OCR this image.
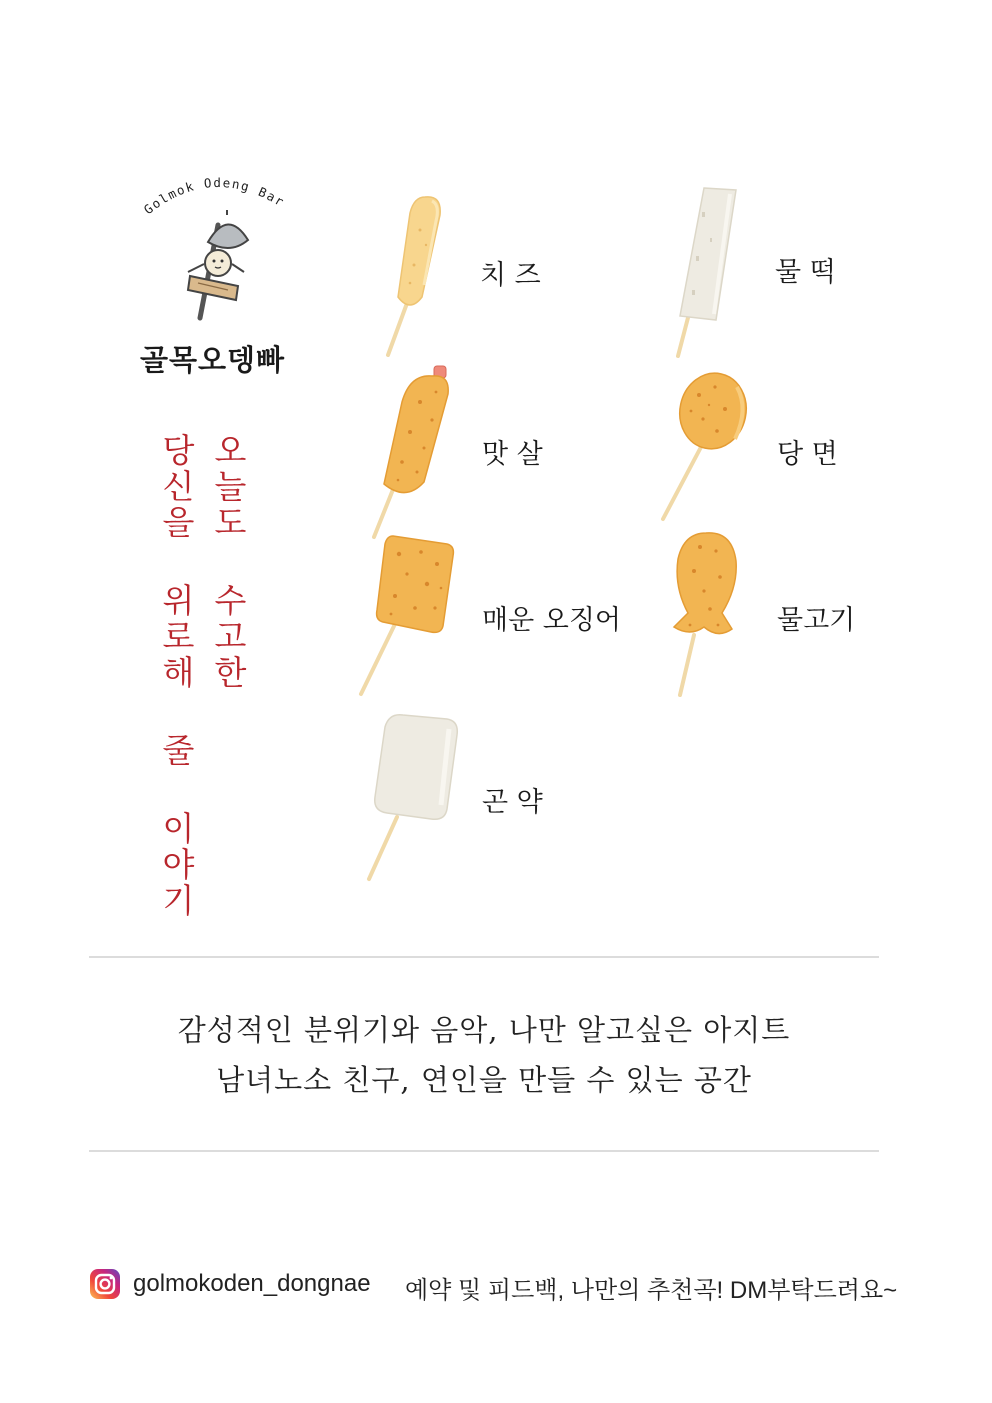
Golmok Odeng Bar
골목오뎅빠
오늘도 수고한
당신을 위로해 줄 이야기
치 즈	물 떡
맛 살	당 면
매운 오징어	물고기
곤 약
감성적인 분위기와 음악, 나만 알고싶은 아지트
남녀노소 친구, 연인을 만들 수 있는 공간
golmokoden_dongnae 예약 및 피드백, 나만의 추천곡! DM부탁드려요~
